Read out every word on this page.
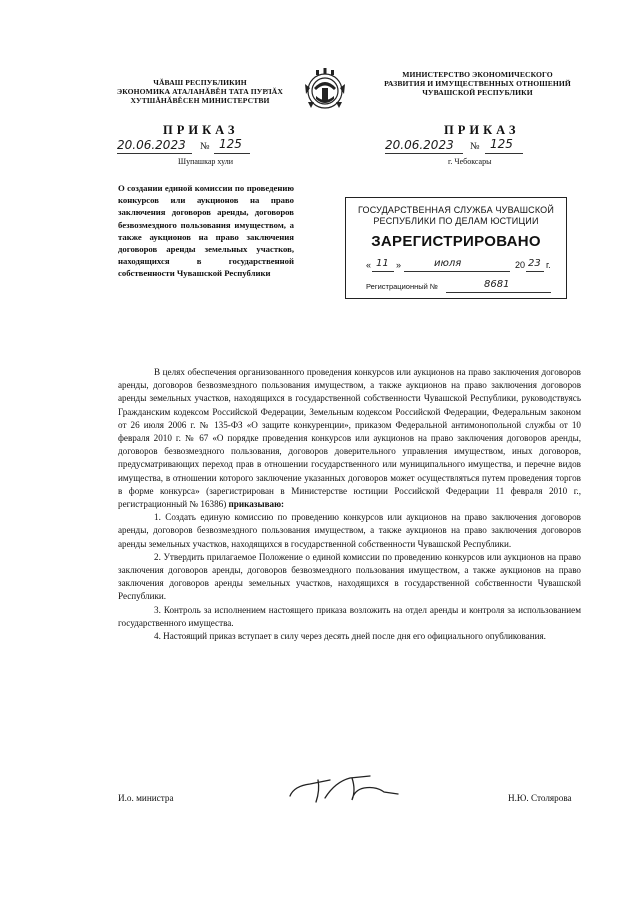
ЧĂВАШ РЕСПУБЛИКИН
ЭКОНОМИКА АТАЛАНĂВĚН ТАТА ПУРЛĂХ
ХУТШĂНĂВĚСЕН МИНИСТЕРСТВИ
МИНИСТЕРСТВО ЭКОНОМИЧЕСКОГО
РАЗВИТИЯ И ИМУЩЕСТВЕННЫХ ОТНОШЕНИЙ
ЧУВАШСКОЙ РЕСПУБЛИКИ
ПРИКАЗ
20.06.2023 № 125
Шупашкар хули
ПРИКАЗ
20.06.2023 № 125
г. Чебоксары
О создании единой комиссии по проведению конкурсов или аукционов на право заключения договоров аренды, договоров безвозмездного пользования имуществом, а также аукционов на право заключения договоров аренды земельных участков, находящихся в государственной собственности Чувашской Республики
ГОСУДАРСТВЕННАЯ СЛУЖБА ЧУВАШСКОЙ
РЕСПУБЛИКИ ПО ДЕЛАМ ЮСТИЦИИ
ЗАРЕГИСТРИРОВАНО
« 11 »	июля	20 23 г.
Регистрационный №	8681

В целях обеспечения организованного проведения конкурсов или аукционов на право заключения договоров аренды, договоров безвозмездного пользования имуществом, а также аукционов на право заключения договоров аренды земельных участков, находящихся в государственной собственности Чувашской Республики, руководствуясь Гражданским кодексом Российской Федерации, Земельным кодексом Российской Федерации, Федеральным законом от 26 июля 2006 г. № 135-ФЗ «О защите конкуренции», приказом Федеральной антимонопольной службы от 10 февраля 2010 г. № 67 «О порядке проведения конкурсов или аукционов на право заключения договоров аренды, договоров безвозмездного пользования, договоров доверительного управления имуществом, иных договоров, предусматривающих переход прав в отношении государственного или муниципального имущества, и перечне видов имущества, в отношении которого заключение указанных договоров может осуществляться путем проведения торгов в форме конкурса» (зарегистрирован в Министерстве юстиции Российской Федерации 11 февраля 2010 г., регистрационный № 16386) приказываю:

1. Создать единую комиссию по проведению конкурсов или аукционов на право заключения договоров аренды, договоров безвозмездного пользования имуществом, а также аукционов на право заключения договоров аренды земельных участков, находящихся в государственной собственности Чувашской Республики.

2. Утвердить прилагаемое Положение о единой комиссии по проведению конкурсов или аукционов на право заключения договоров аренды, договоров безвозмездного пользования имуществом, а также аукционов на право заключения договоров аренды земельных участков, находящихся в государственной собственности Чувашской Республики.

3. Контроль за исполнением настоящего приказа возложить на отдел аренды и контроля за использованием государственного имущества.

4. Настоящий приказ вступает в силу через десять дней после дня его официального опубликования.

И.о. министра	Н.Ю. Столярова
